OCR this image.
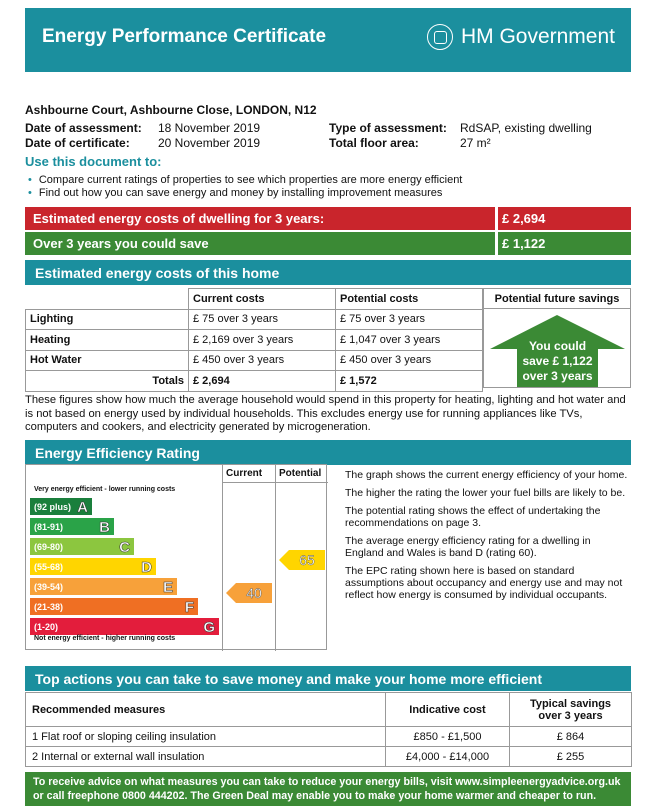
Energy Performance Certificate	HM Government
Ashbourne Court, Ashbourne Close, LONDON, N12
Date of assessment: 18 November 2019
Date of certificate: 20 November 2019
Type of assessment: RdSAP, existing dwelling
Total floor area:	27 m²
Use this document to:
• Compare current ratings of properties to see which properties are more energy efficient
• Find out how you can save energy and money by installing improvement measures
Estimated energy costs of dwelling for 3 years:	£ 2,694
Over 3 years you could save	£ 1,122
Estimated energy costs of this home
	Current costs	Potential costs
Lighting	£ 75 over 3 years	£ 75 over 3 years
Heating	£ 2,169 over 3 years	£ 1,047 over 3 years
Hot Water	£ 450 over 3 years	£ 450 over 3 years
Totals	£ 2,694	£ 1,572
Potential future savings
You could
save £ 1,122
over 3 years
These figures show how much the average household would spend in this property for heating, lighting and hot water and is not based on energy used by individual households. This excludes energy use for running appliances like TVs, computers and cookers, and electricity generated by microgeneration.
Energy Efficiency Rating
Current Potential
Very energy efficient - lower running costs
(92 plus) A
(81-91) B
(69-80)	C
(55-68)	D
(39-54)	E
(21-38)	F
(1-20)	G
Not energy efficient - higher running costs
40
65

The graph shows the current energy efficiency of your home.

The higher the rating the lower your fuel bills are likely to be.

The potential rating shows the effect of undertaking the recommendations on page 3.

The average energy efficiency rating for a dwelling in England and Wales is band D (rating 60).

The EPC rating shown here is based on standard assumptions about occupancy and energy use and may not reflect how energy is consumed by individual occupants.

Top actions you can take to save money and make your home more efficient
Recommended measures	Indicative cost	Typical savings
over 3 years

1 Flat roof or sloping ceiling insulation	£850 - £1,500	£ 864
2 Internal or external wall insulation	£4,000 - £14,000	£ 255
To receive advice on what measures you can take to reduce your energy bills, visit www.simpleenergyadvice.org.uk or call freephone 0800 444202. The Green Deal may enable you to make your home warmer and cheaper to run.
